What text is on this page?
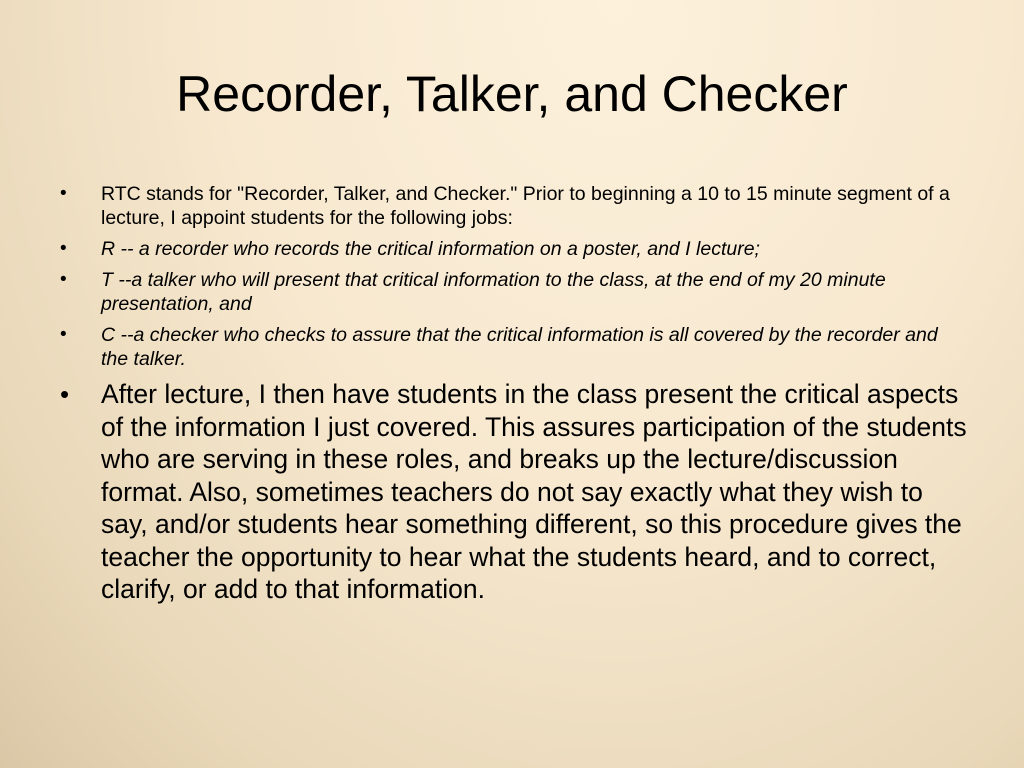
Recorder, Talker, and Checker
• RTC stands for "Recorder, Talker, and Checker." Prior to beginning a 10 to 15 minute segment of a lecture, I appoint students for the following jobs:
• R -- a recorder who records the critical information on a poster, and I lecture;
• T --a talker who will present that critical information to the class, at the end of my 20 minute presentation, and
• C --a checker who checks to assure that the critical information is all covered by the recorder and the talker.
• After lecture, I then have students in the class present the critical aspects of the information I just covered. This assures participation of the students who are serving in these roles, and breaks up the lecture/discussion format. Also, sometimes teachers do not say exactly what they wish to say, and/or students hear something different, so this procedure gives the teacher the opportunity to hear what the students heard, and to correct, clarify, or add to that information.
